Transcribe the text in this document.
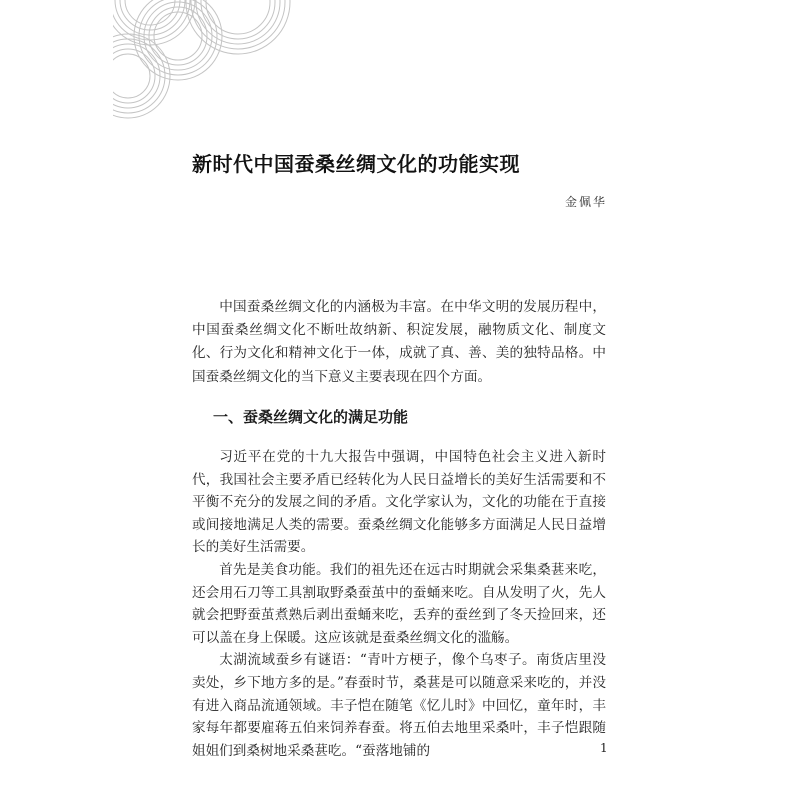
新时代中国蚕桑丝绸文化的功能实现
金佩华

中国蚕桑丝绸文化的内涵极为丰富。在中华文明的发展历程中，中国蚕桑丝绸文化不断吐故纳新、积淀发展，融物质文化、制度文化、行为文化和精神文化于一体，成就了真、善、美的独特品格。中国蚕桑丝绸文化的当下意义主要表现在四个方面。

一、蚕桑丝绸文化的满足功能

习近平在党的十九大报告中强调，中国特色社会主义进入新时代，我国社会主要矛盾已经转化为人民日益增长的美好生活需要和不平衡不充分的发展之间的矛盾。文化学家认为，文化的功能在于直接或间接地满足人类的需要。蚕桑丝绸文化能够多方面满足人民日益增长的美好生活需要。

首先是美食功能。我们的祖先还在远古时期就会采集桑葚来吃，还会用石刀等工具割取野桑蚕茧中的蚕蛹来吃。自从发明了火，先人就会把野蚕茧煮熟后剥出蚕蛹来吃，丢弃的蚕丝到了冬天捡回来，还可以盖在身上保暖。这应该就是蚕桑丝绸文化的滥觞。

太湖流域蚕乡有谜语：“青叶方梗子，像个乌枣子。南货店里没卖处，乡下地方多的是。”春蚕时节，桑葚是可以随意采来吃的，并没有进入商品流通领域。丰子恺在随笔《忆儿时》中回忆，童年时，丰家每年都要雇蒋五伯来饲养春蚕。将五伯去地里采桑叶，丰子恺跟随姐姐们到桑树地采桑葚吃。“蚕落地铺的	1
